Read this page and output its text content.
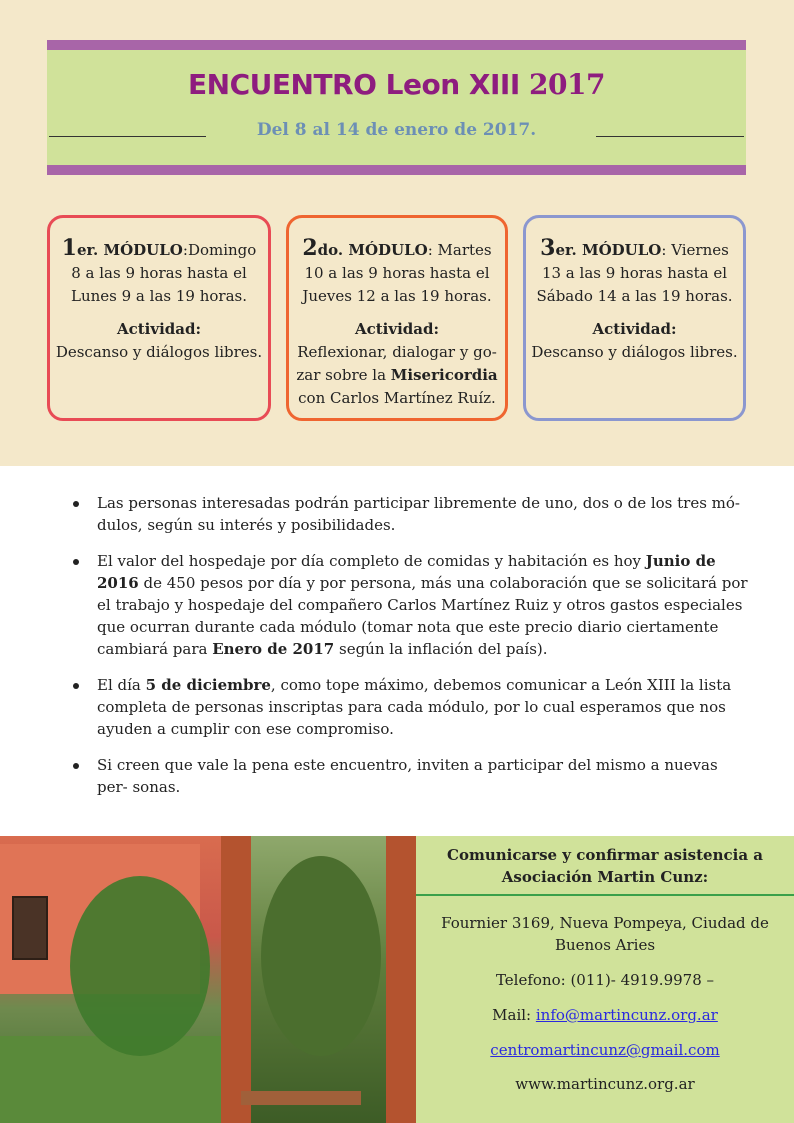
ENCUENTRO Leon XIII 2017
Del 8 al 14 de enero de 2017.
1er. MÓDULO:Domingo
8 a las 9 horas hasta el
Lunes 9 a las 19 horas.
Actividad:
Descanso y diálogos libres.
2do. MÓDULO: Martes
10 a las 9 horas hasta el
Jueves 12 a las 19 horas.
Actividad:
Reflexionar, dialogar y go-
zar sobre la Misericordia
con Carlos Martínez Ruíz.
3er. MÓDULO: Viernes
13 a las 9 horas hasta el
Sábado 14 a las 19 horas.
Actividad:
Descanso y diálogos libres.
Las personas interesadas podrán participar libremente de uno, dos o de los tres mó- dulos, según su interés y posibilidades.
El valor del hospedaje por día completo de comidas y habitación es hoy Junio de 2016 de 450 pesos por día y por persona, más una colaboración que se solicitará por el trabajo y hospedaje del compañero Carlos Martínez Ruiz y otros gastos especiales que ocurran durante cada módulo (tomar nota que este precio diario ciertamente cambiará para Enero de 2017 según la inflación del país).
El día 5 de diciembre, como tope máximo, debemos comunicar a León XIII la lista completa de personas inscriptas para cada módulo, por lo cual esperamos que nos ayuden a cumplir con ese compromiso.
Si creen que vale la pena este encuentro, inviten a participar del mismo a nuevas per- sonas.
Comunicarse y confirmar asistencia a
Asociación Martin Cunz:
Fournier 3169, Nueva Pompeya, Ciudad de
Buenos Aries
Telefono: (011)- 4919.9978 –
Mail: info@martincunz.org.ar
centromartincunz@gmail.com
www.martincunz.org.ar
